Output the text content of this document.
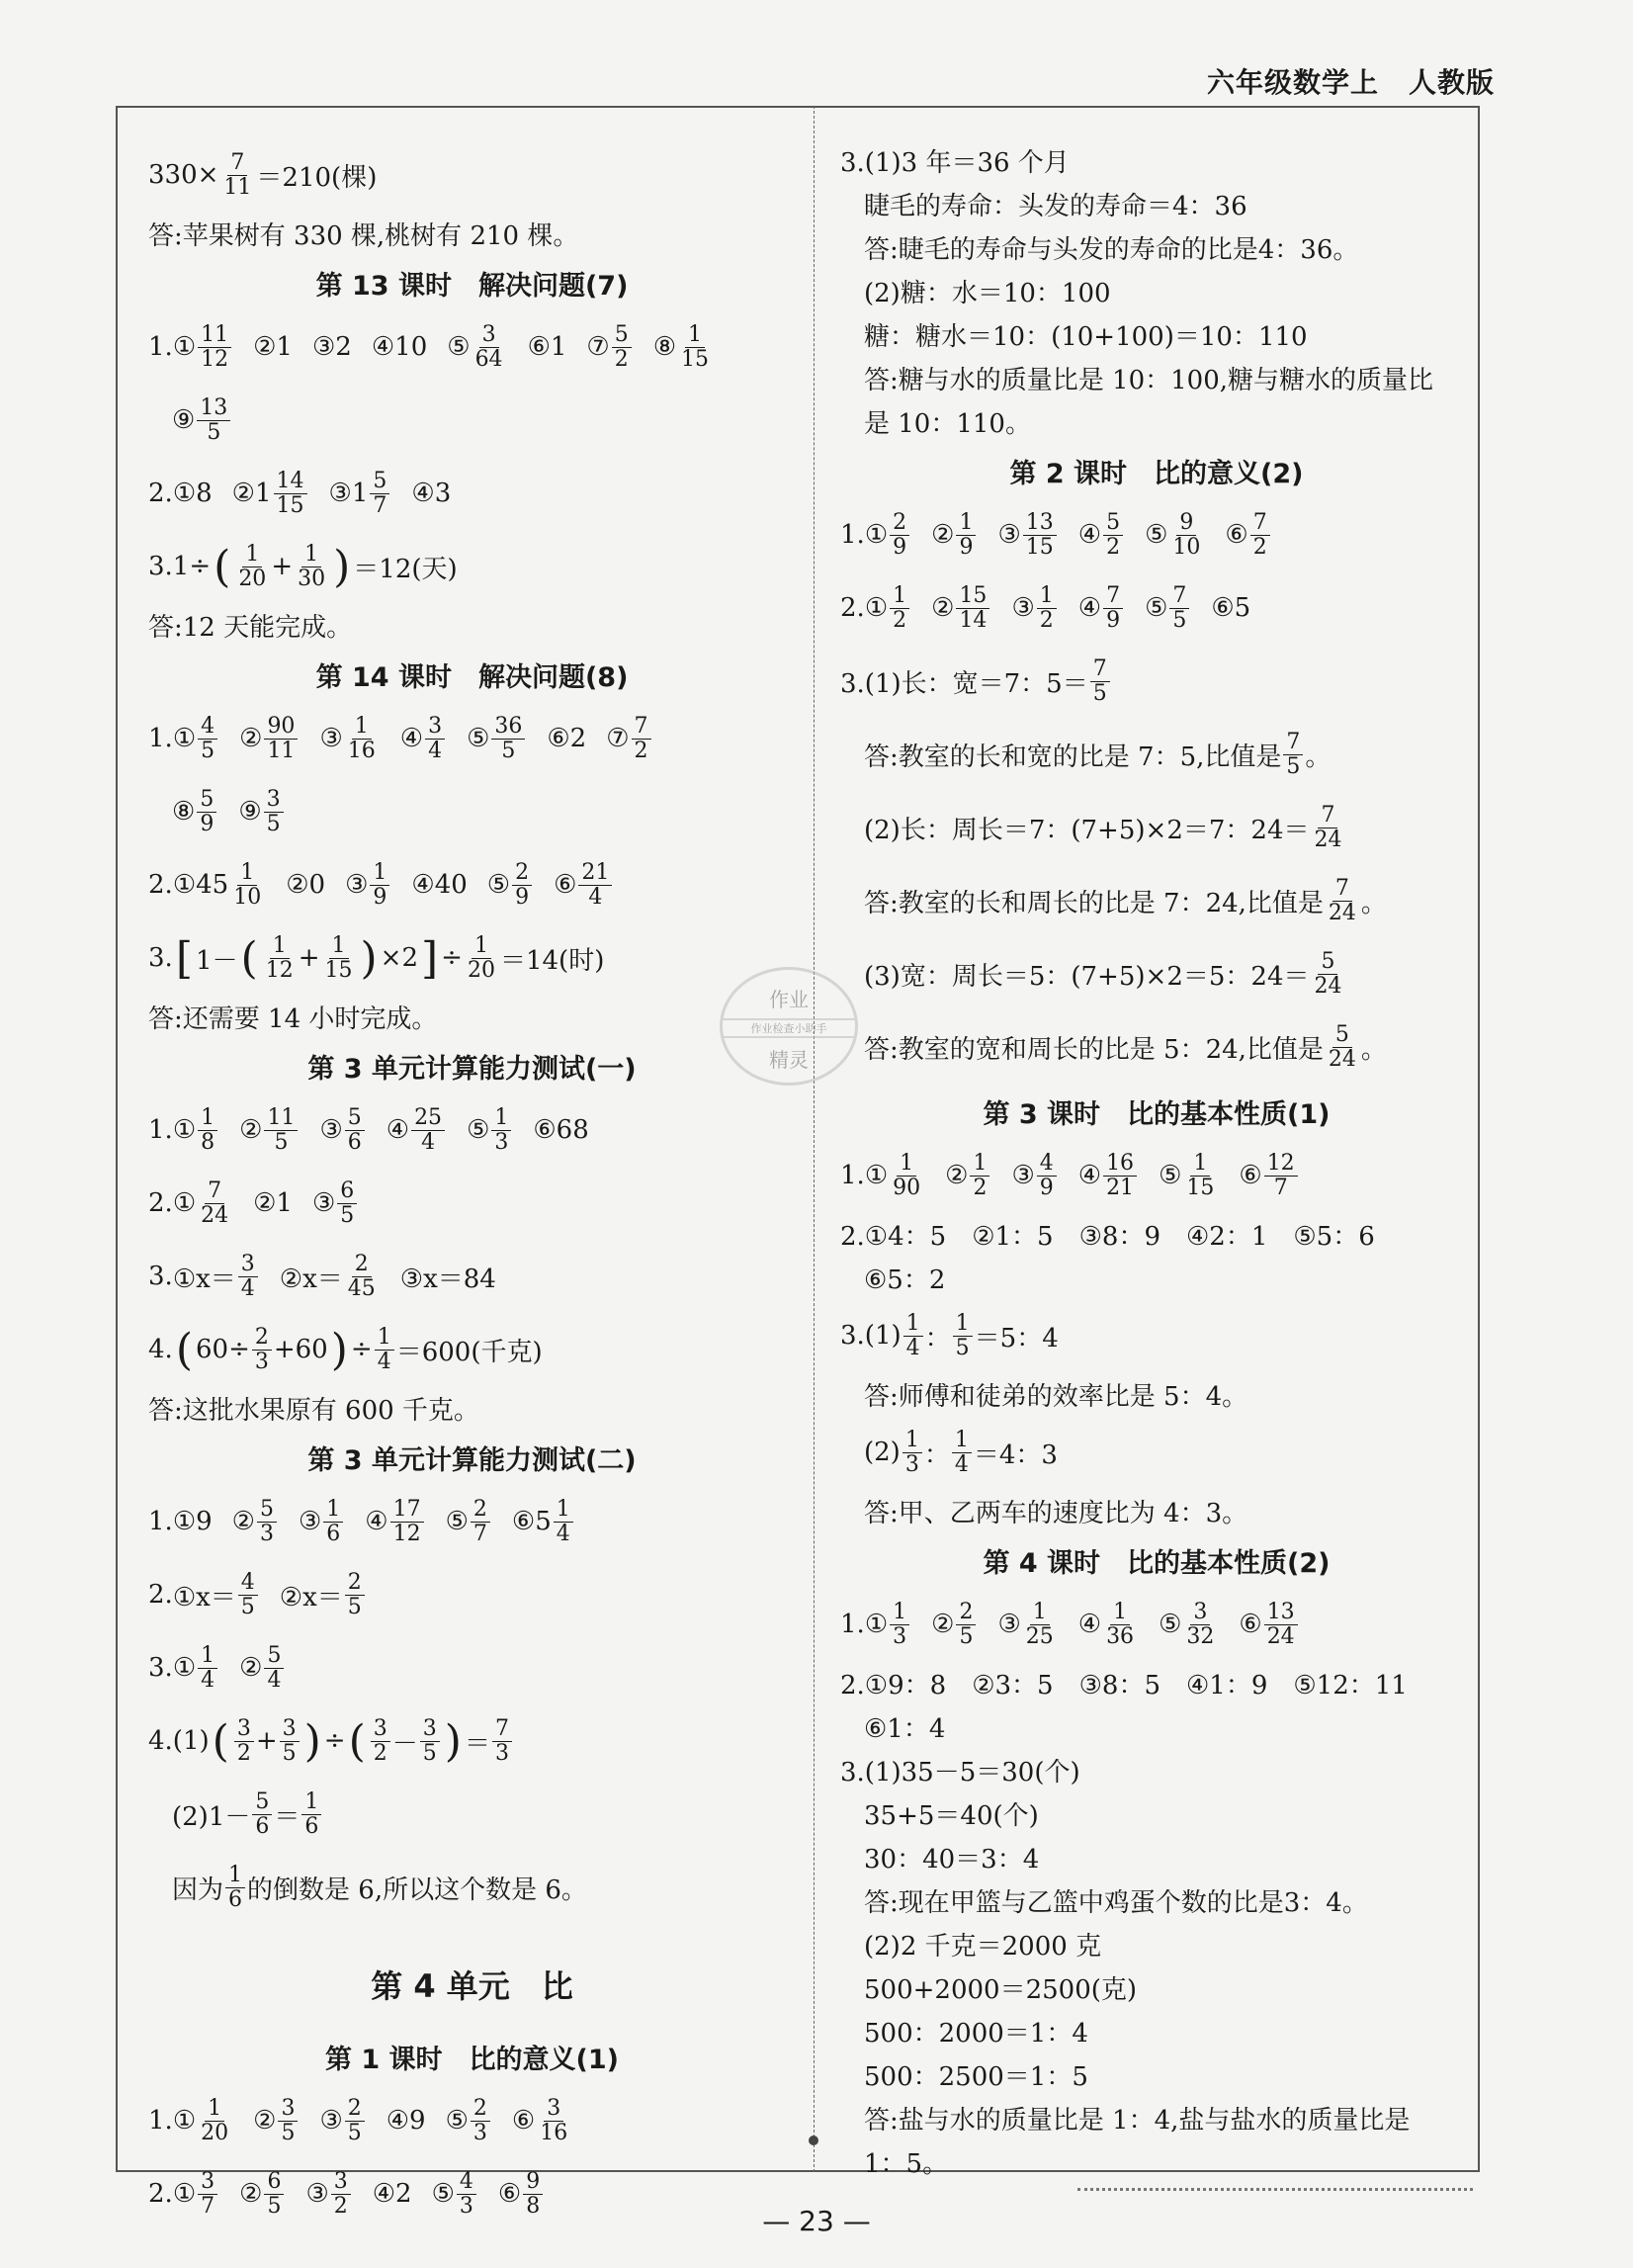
六年级数学上 人教版
作业
作业检查小助手
精灵
$330\times \frac{7}{11} =210$(棵)
答:苹果树有 330 棵,桃树有 210 棵。
第 13 课时　解决问题(7)
1. ① $\frac{11}{12}$ ②1 ③2 ④10 ⑤ $\frac{3}{64}$ ⑥1 ⑦ $\frac{5}{2}$ ⑧ $\frac{1}{15}$
⑨ $\frac{13}{5}$
2. ①8 ②1 $\frac{14}{15}$ ③1 $\frac{5}{7}$ ④3
3.1÷ ( $\frac{1}{20} + \frac{1}{30}$ ) ＝12(天)
答:12 天能完成。
第 14 课时　解决问题(8)
1. ① $\frac{4}{5}$ ② $\frac{90}{11}$ ③ $\frac{1}{16}$ ④ $\frac{3}{4}$ ⑤ $\frac{36}{5}$ ⑥2 ⑦ $\frac{7}{2}$
⑧ $\frac{5}{9}$ ⑨ $\frac{3}{5}$
2. ①45 $\frac{1}{10}$ ②0 ③ $\frac{1}{9}$ ④40 ⑤ $\frac{2}{9}$ ⑥ $\frac{21}{4}$
3. [ 1－ ( $\frac{1}{12} + \frac{1}{15}$ ) ×2 ] ÷ $\frac{1}{20} =14$(时)
答:还需要 14 小时完成。
第 3 单元计算能力测试(一)
1. ① $\frac{1}{8}$ ② $\frac{11}{5}$ ③ $\frac{5}{6}$ ④ $\frac{25}{4}$ ⑤ $\frac{1}{3}$ ⑥68
2. ① $\frac{7}{24}$ ②1 ③ $\frac{6}{5}$
3. ①x＝ $\frac{3}{4}$ ②x＝ $\frac{2}{45}$ ③x＝84
4. ( $60\div \frac{2}{3} +60$ ) ÷ $\frac{1}{4} =600$(千克)
答:这批水果原有 600 千克。
第 3 单元计算能力测试(二)
1. ①9 ② $\frac{5}{3}$ ③ $\frac{1}{6}$ ④ $\frac{17}{12}$ ⑤ $\frac{2}{7}$ ⑥5 $\frac{1}{4}$
2. ①x＝ $\frac{4}{5}$ ②x＝ $\frac{2}{5}$
3. ① $\frac{1}{4}$ ② $\frac{5}{4}$
4.(1) ( $\frac{3}{2} + \frac{3}{5}$ ) ÷ ( $\frac{3}{2} - \frac{3}{5}$ ) ＝ $\frac{7}{3}$
$(2)1- \frac{5}{6} = \frac{1}{6}$
因为 $\frac{1}{6}$ 的倒数是 6,所以这个数是 6。
第 4 单元　比
第 1 课时　比的意义(1)
1. ① $\frac{1}{20}$ ② $\frac{3}{5}$ ③ $\frac{2}{5}$ ④9 ⑤ $\frac{2}{3}$ ⑥ $\frac{3}{16}$
2. ① $\frac{3}{7}$ ② $\frac{6}{5}$ ③ $\frac{3}{2}$ ④2 ⑤ $\frac{4}{3}$ ⑥ $\frac{9}{8}$
3.(1)3 年＝36 个月
睫毛的寿命：头发的寿命＝4：36
答:睫毛的寿命与头发的寿命的比是4：36。
(2)糖：水＝10：100
糖：糖水＝10：(10+100)＝10：110
答:糖与水的质量比是 10：100,糖与糖水的质量比
是 10：110。
第 2 课时　比的意义(2)
1. ① $\frac{2}{9}$ ② $\frac{1}{9}$ ③ $\frac{13}{15}$ ④ $\frac{5}{2}$ ⑤ $\frac{9}{10}$ ⑥ $\frac{7}{2}$
2. ① $\frac{1}{2}$ ② $\frac{15}{14}$ ③ $\frac{1}{2}$ ④ $\frac{7}{9}$ ⑤ $\frac{7}{5}$ ⑥5
3.(1)长：宽＝7：$5= \frac{7}{5}$
答:教室的长和宽的比是 7：5,比值是 $\frac{7}{5}$ 。
(2)长：周长＝7：(7+5)×2＝7：$24= \frac{7}{24}$
答:教室的长和周长的比是 7：24,比值是 $\frac{7}{24}$ 。
(3)宽：周长＝5：(7+5)×2＝5：$24= \frac{5}{24}$
答:教室的宽和周长的比是 5：24,比值是 $\frac{5}{24}$ 。
第 3 课时　比的基本性质(1)
1. ① $\frac{1}{90}$ ② $\frac{1}{2}$ ③ $\frac{4}{9}$ ④ $\frac{16}{21}$ ⑤ $\frac{1}{15}$ ⑥ $\frac{12}{7}$
2.①4：5　②1：5　③8：9　④2：1　⑤5：6
⑥5：2
$3.(1) \frac{1}{4}$ ： $\frac{1}{5} =5$：4
答:师傅和徒弟的效率比是 5：4。
$(2) \frac{1}{3}$ ： $\frac{1}{4} =4$：3
答:甲、乙两车的速度比为 4：3。
第 4 课时　比的基本性质(2)
1. ① $\frac{1}{3}$ ② $\frac{2}{5}$ ③ $\frac{1}{25}$ ④ $\frac{1}{36}$ ⑤ $\frac{3}{32}$ ⑥ $\frac{13}{24}$
2.①9：8　②3：5　③8：5　④1：9　⑤12：11
⑥1：4
3.(1)35－5＝30(个)
35+5＝40(个)
30：40＝3：4
答:现在甲篮与乙篮中鸡蛋个数的比是3：4。
(2)2 千克＝2000 克
500+2000＝2500(克)
500：2000＝1：4
500：2500＝1：5
答:盐与水的质量比是 1：4,盐与盐水的质量比是
1：5。
— 23 —
